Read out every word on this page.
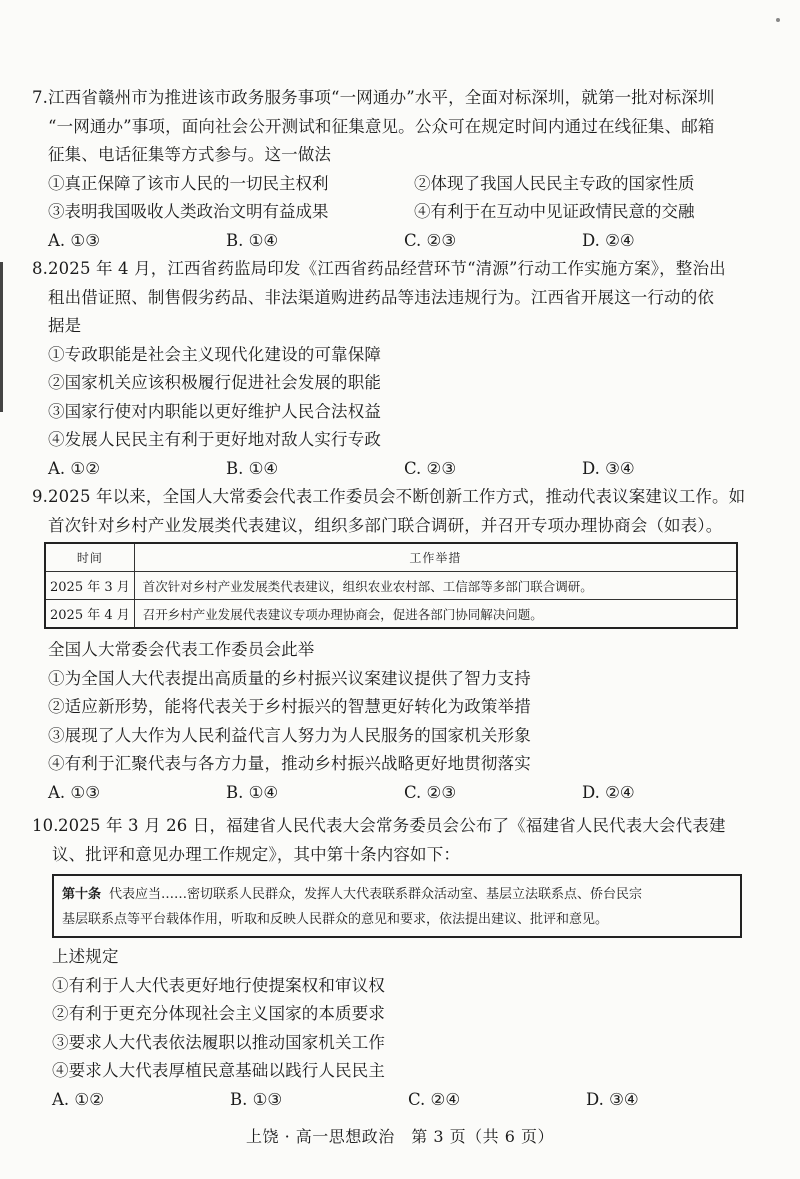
7.江西省赣州市为推进该市政务服务事项“一网通办”水平，全面对标深圳，就第一批对标深圳
“一网通办”事项，面向社会公开测试和征集意见。公众可在规定时间内通过在线征集、邮箱
征集、电话征集等方式参与。这一做法
①真正保障了该市人民的一切民主权利	②体现了我国人民民主专政的国家性质
③表明我国吸收人类政治文明有益成果	④有利于在互动中见证政情民意的交融
A. ①③	B. ①④	C. ②③	D. ②④
8.2025 年 4 月，江西省药监局印发《江西省药品经营环节“清源”行动工作实施方案》，整治出
租出借证照、制售假劣药品、非法渠道购进药品等违法违规行为。江西省开展这一行动的依
据是
①专政职能是社会主义现代化建设的可靠保障
②国家机关应该积极履行促进社会发展的职能
③国家行使对内职能以更好维护人民合法权益
④发展人民民主有利于更好地对敌人实行专政
A. ①②	B. ①④	C. ②③	D. ③④
9.2025 年以来，全国人大常委会代表工作委员会不断创新工作方式，推动代表议案建议工作。如
首次针对乡村产业发展类代表建议，组织多部门联合调研，并召开专项办理协商会（如表）。
时间	工作举措
2025 年 3 月	首次针对乡村产业发展类代表建议，组织农业农村部、工信部等多部门联合调研。
2025 年 4 月	召开乡村产业发展代表建议专项办理协商会，促进各部门协同解决问题。
全国人大常委会代表工作委员会此举
①为全国人大代表提出高质量的乡村振兴议案建议提供了智力支持
②适应新形势，能将代表关于乡村振兴的智慧更好转化为政策举措
③展现了人大作为人民利益代言人努力为人民服务的国家机关形象
④有利于汇聚代表与各方力量，推动乡村振兴战略更好地贯彻落实
A. ①③	B. ①④	C. ②③	D. ②④
10.2025 年 3 月 26 日，福建省人民代表大会常务委员会公布了《福建省人民代表大会代表建
议、批评和意见办理工作规定》，其中第十条内容如下：
第十条 代表应当……密切联系人民群众，发挥人大代表联系群众活动室、基层立法联系点、侨台民宗
基层联系点等平台载体作用，听取和反映人民群众的意见和要求，依法提出建议、批评和意见。
上述规定
①有利于人大代表更好地行使提案权和审议权
②有利于更充分体现社会主义国家的本质要求
③要求人大代表依法履职以推动国家机关工作
④要求人大代表厚植民意基础以践行人民民主
A. ①②	B. ①③	C. ②④	D. ③④
上饶 · 高一思想政治　第 3 页（共 6 页）
